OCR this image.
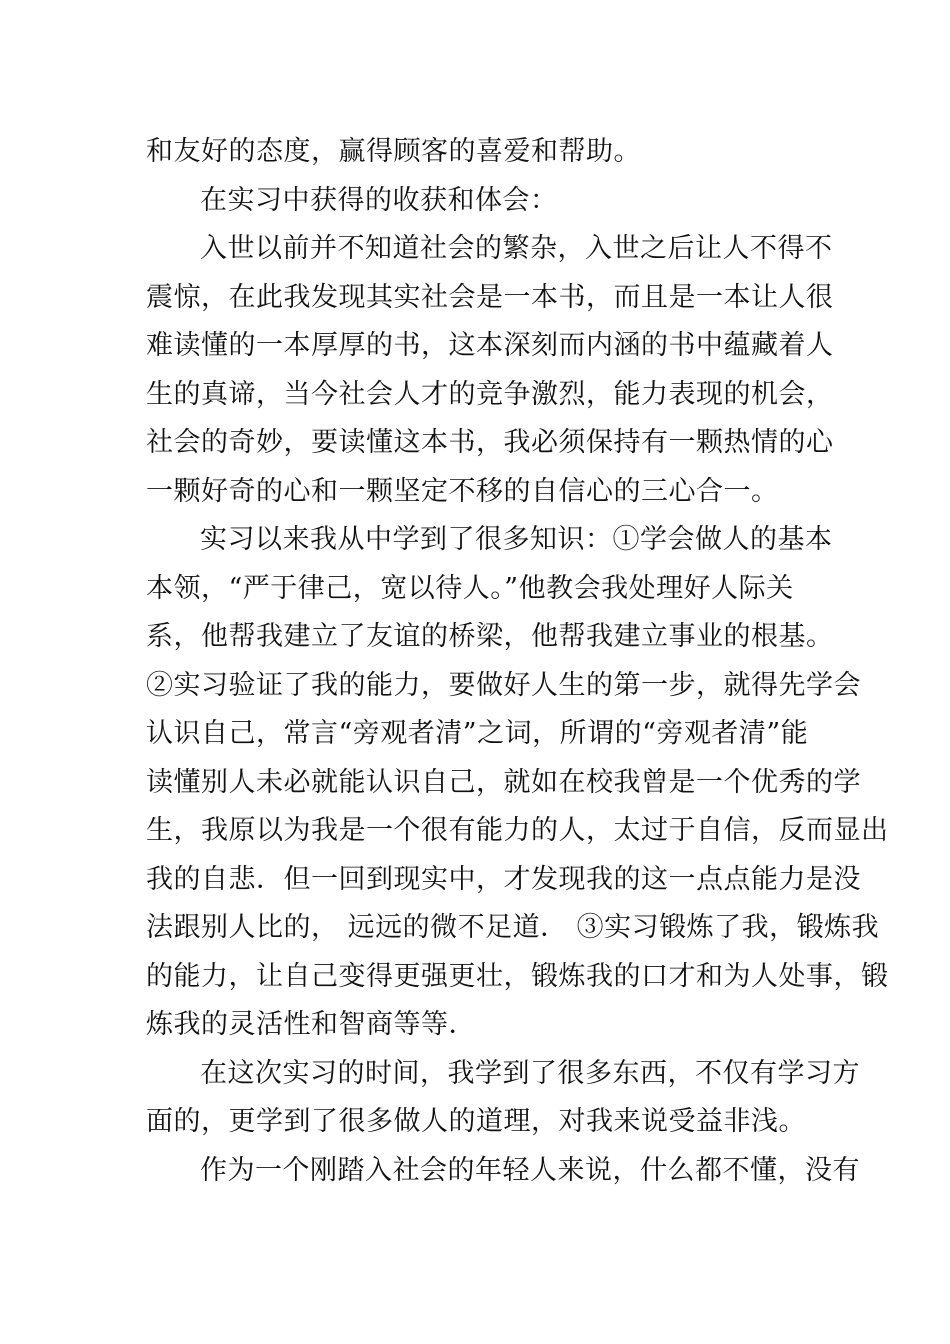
和友好的态度，赢得顾客的喜爱和帮助。
在实习中获得的收获和体会：
入世以前并不知道社会的繁杂，入世之后让人不得不
震惊，在此我发现其实社会是一本书，而且是一本让人很
难读懂的一本厚厚的书，这本深刻而内涵的书中蕴藏着人
生的真谛，当今社会人才的竞争激烈，能力表现的机会，
社会的奇妙，要读懂这本书，我必须保持有一颗热情的心
一颗好奇的心和一颗坚定不移的自信心的三心合一。
实习以来我从中学到了很多知识：①学会做人的基本
本领，“严于律己，宽以待人。”他教会我处理好人际关
系，他帮我建立了友谊的桥梁，他帮我建立事业的根基。
②实习验证了我的能力，要做好人生的第一步，就得先学会
认识自己，常言“旁观者清”之词，所谓的“旁观者清”能
读懂别人未必就能认识自己，就如在校我曾是一个优秀的学
生，我原以为我是一个很有能力的人，太过于自信，反而显出
我的自悲．但一回到现实中，才发现我的这一点点能力是没
法跟别人比的， 远远的微不足道． ③实习锻炼了我，锻炼我
的能力，让自己变得更强更壮，锻炼我的口才和为人处事，锻
炼我的灵活性和智商等等．
在这次实习的时间，我学到了很多东西，不仅有学习方
面的，更学到了很多做人的道理，对我来说受益非浅。
作为一个刚踏入社会的年轻人来说，什么都不懂，没有
